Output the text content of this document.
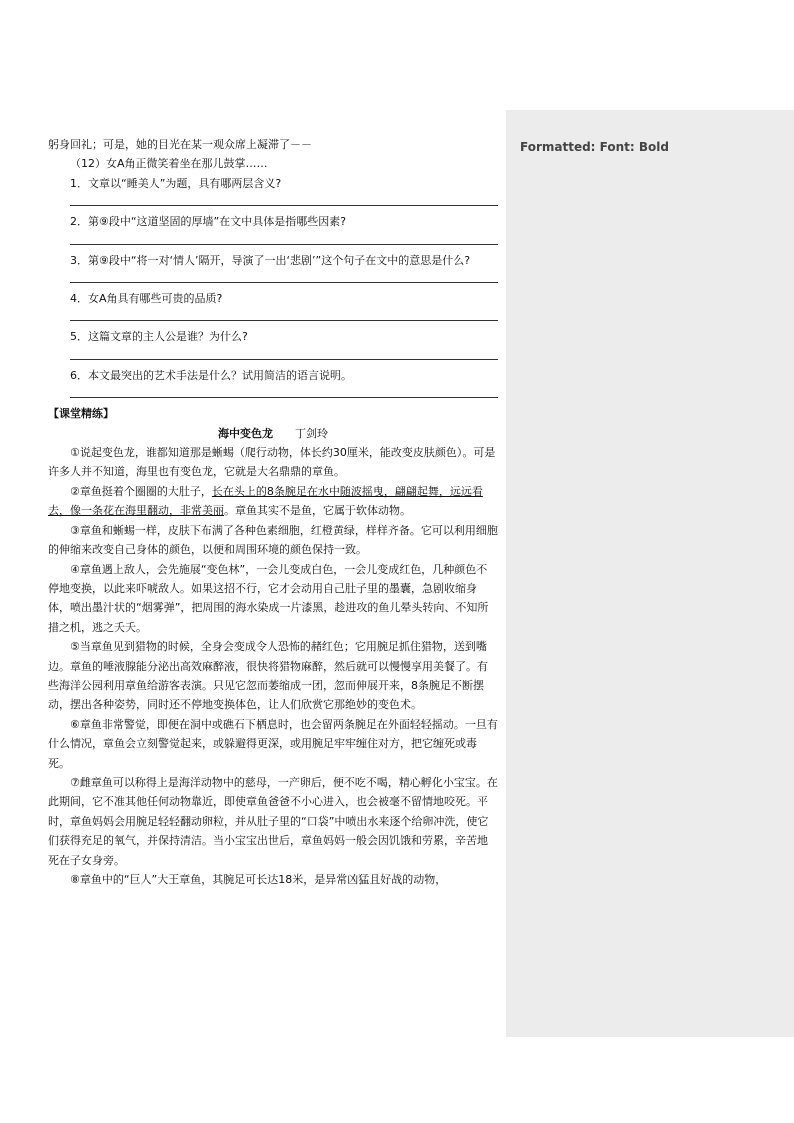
Formatted: Font: Bold

躬身回礼；可是，她的目光在某一观众席上凝滞了－－

（12）女A角正微笑着坐在那儿鼓掌……

1．文章以“睡美人”为题，具有哪两层含义?

2．第⑨段中“这道坚固的厚墙”在文中具体是指哪些因素?

3．第⑨段中“将一对‘情人’隔开，导演了一出‘悲剧’”这个句子在文中的意思是什么?

4．女A角具有哪些可贵的品质?

5．这篇文章的主人公是谁？为什么?

6．本文最突出的艺术手法是什么？试用简洁的语言说明。

【课堂精练】

海中变色龙 丁剑玲

①说起变色龙，谁都知道那是蜥蜴（爬行动物，体长约30厘米，能改变皮肤颜色）。可是许多人并不知道，海里也有变色龙，它就是大名鼎鼎的章鱼。

②章鱼挺着个圈圈的大肚子，长在头上的8条腕足在水中随波摇曳，翩翩起舞，远远看去，像一条花在海里翻动，非常美丽。章鱼其实不是鱼，它属于软体动物。

③章鱼和蜥蜴一样，皮肤下布满了各种色素细胞，红橙黄绿，样样齐备。它可以利用细胞的伸缩来改变自己身体的颜色，以便和周围环境的颜色保持一致。

④章鱼遇上敌人，会先施展“变色林”，一会儿变成白色，一会儿变成红色，几种颜色不停地变换，以此来吓唬敌人。如果这招不行，它才会动用自己肚子里的墨囊，急剧收缩身体，喷出墨汁状的“烟雾弹”，把周围的海水染成一片漆黑，趁进攻的鱼儿晕头转向、不知所措之机，逃之夭夭。

⑤当章鱼见到猎物的时候，全身会变成令人恐怖的赭红色；它用腕足抓住猎物，送到嘴边。章鱼的唾液腺能分泌出高效麻醉液，很快将猎物麻醉，然后就可以慢慢享用美餐了。有些海洋公园利用章鱼给游客表演。只见它忽而萎缩成一团，忽而伸展开来，8条腕足不断摆动，摆出各种姿势，同时还不停地变换体色，让人们欣赏它那绝妙的变色术。

⑥章鱼非常警觉，即便在洞中或礁石下栖息时，也会留两条腕足在外面轻轻摇动。一旦有什么情况，章鱼会立刻警觉起来，或躲避得更深，或用腕足牢牢缠住对方，把它缠死或毒死。

⑦雌章鱼可以称得上是海洋动物中的慈母，一产卵后，便不吃不喝，精心孵化小宝宝。在此期间，它不准其他任何动物靠近，即使章鱼爸爸不小心进入，也会被毫不留情地咬死。平时，章鱼妈妈会用腕足轻轻翻动卵粒，并从肚子里的“口袋”中喷出水来逐个给卵冲洗，使它们获得充足的氧气，并保持清洁。当小宝宝出世后，章鱼妈妈一般会因饥饿和劳累，辛苦地死在子女身旁。

⑧章鱼中的“巨人”大王章鱼，其腕足可长达18米，是异常凶猛且好战的动物，
